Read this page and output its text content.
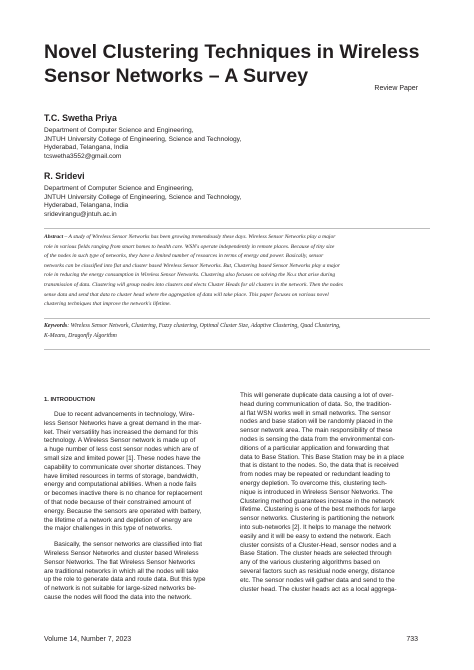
Novel Clustering Techniques in Wireless Sensor Networks – A Survey
Review Paper
T.C. Swetha Priya
Department of Computer Science and Engineering,
JNTUH University College of Engineering, Science and Technology,
Hyderabad, Telangana, India
tcswetha3552@gmail.com
R. Sridevi
Department of Computer Science and Engineering,
JNTUH University College of Engineering, Science and Technology,
Hyderabad, Telangana, India
sridevirangu@jntuh.ac.in
Abstract – A study of Wireless Sensor Networks has been growing tremendously these days. Wireless Sensor Networks play a major
role in various fields ranging from smart homes to health care. WSN's operate independently in remote places. Because of tiny size
of the nodes in such type of networks, they have a limited number of resources in terms of energy and power. Basically, sensor
networks can be classified into flat and cluster based Wireless Sensor Networks. But, Clustering based Sensor Networks play a major
role in reducing the energy consumption in Wireless Sensor Networks. Clustering also focuses on solving the No.s that arise during
transmission of data. Clustering will group nodes into clusters and elects Cluster Heads for all clusters in the network. Then the nodes
sense data and send that data to cluster head where the aggregation of data will take place. This paper focuses on various novel
clustering techniques that improve the network's lifetime.
Keywords: Wireless Sensor Network, Clustering, Fuzzy clustering, Optimal Cluster Size, Adaptive Clustering, Quad Clustering,
K-Means, Dragonfly Algorithm
1. INTRODUCTION
Due to recent advancements in technology, Wire-
less Sensor Networks have a great demand in the mar-
ket. Their versatility has increased the demand for this
technology. A Wireless Sensor network is made up of
a huge number of less cost sensor nodes which are of
small size and limited power [1]. These nodes have the
capability to communicate over shorter distances. They
have limited resources in terms of storage, bandwidth,
energy and computational abilities. When a node fails
or becomes inactive there is no chance for replacement
of that node because of their constrained amount of
energy. Because the sensors are operated with battery,
the lifetime of a network and depletion of energy are
the major challenges in this type of networks.
Basically, the sensor networks are classified into flat
Wireless Sensor Networks and cluster based Wireless
Sensor Networks. The flat Wireless Sensor Networks
are traditional networks in which all the nodes will take
up the role to generate data and route data. But this type
of network is not suitable for large-sized networks be-
cause the nodes will flood the data into the network.
This will generate duplicate data causing a lot of over-
head during communication of data. So, the tradition-
al flat WSN works well in small networks. The sensor
nodes and base station will be randomly placed in the
sensor network area. The main responsibility of these
nodes is sensing the data from the environmental con-
ditions of a particular application and forwarding that
data to Base Station. This Base Station may be in a place
that is distant to the nodes. So, the data that is received
from nodes may be repeated or redundant leading to
energy depletion. To overcome this, clustering tech-
nique is introduced in Wireless Sensor Networks. The
Clustering method guarantees increase in the network
lifetime. Clustering is one of the best methods for large
sensor networks. Clustering is partitioning the network
into sub-networks [2]. It helps to manage the network
easily and it will be easy to extend the network. Each
cluster consists of a Cluster-Head, sensor nodes and a
Base Station. The cluster heads are selected through
any of the various clustering algorithms based on
several factors such as residual node energy, distance
etc. The sensor nodes will gather data and send to the
cluster head. The cluster heads act as a local aggrega-
Volume 14, Number 7, 2023	733
